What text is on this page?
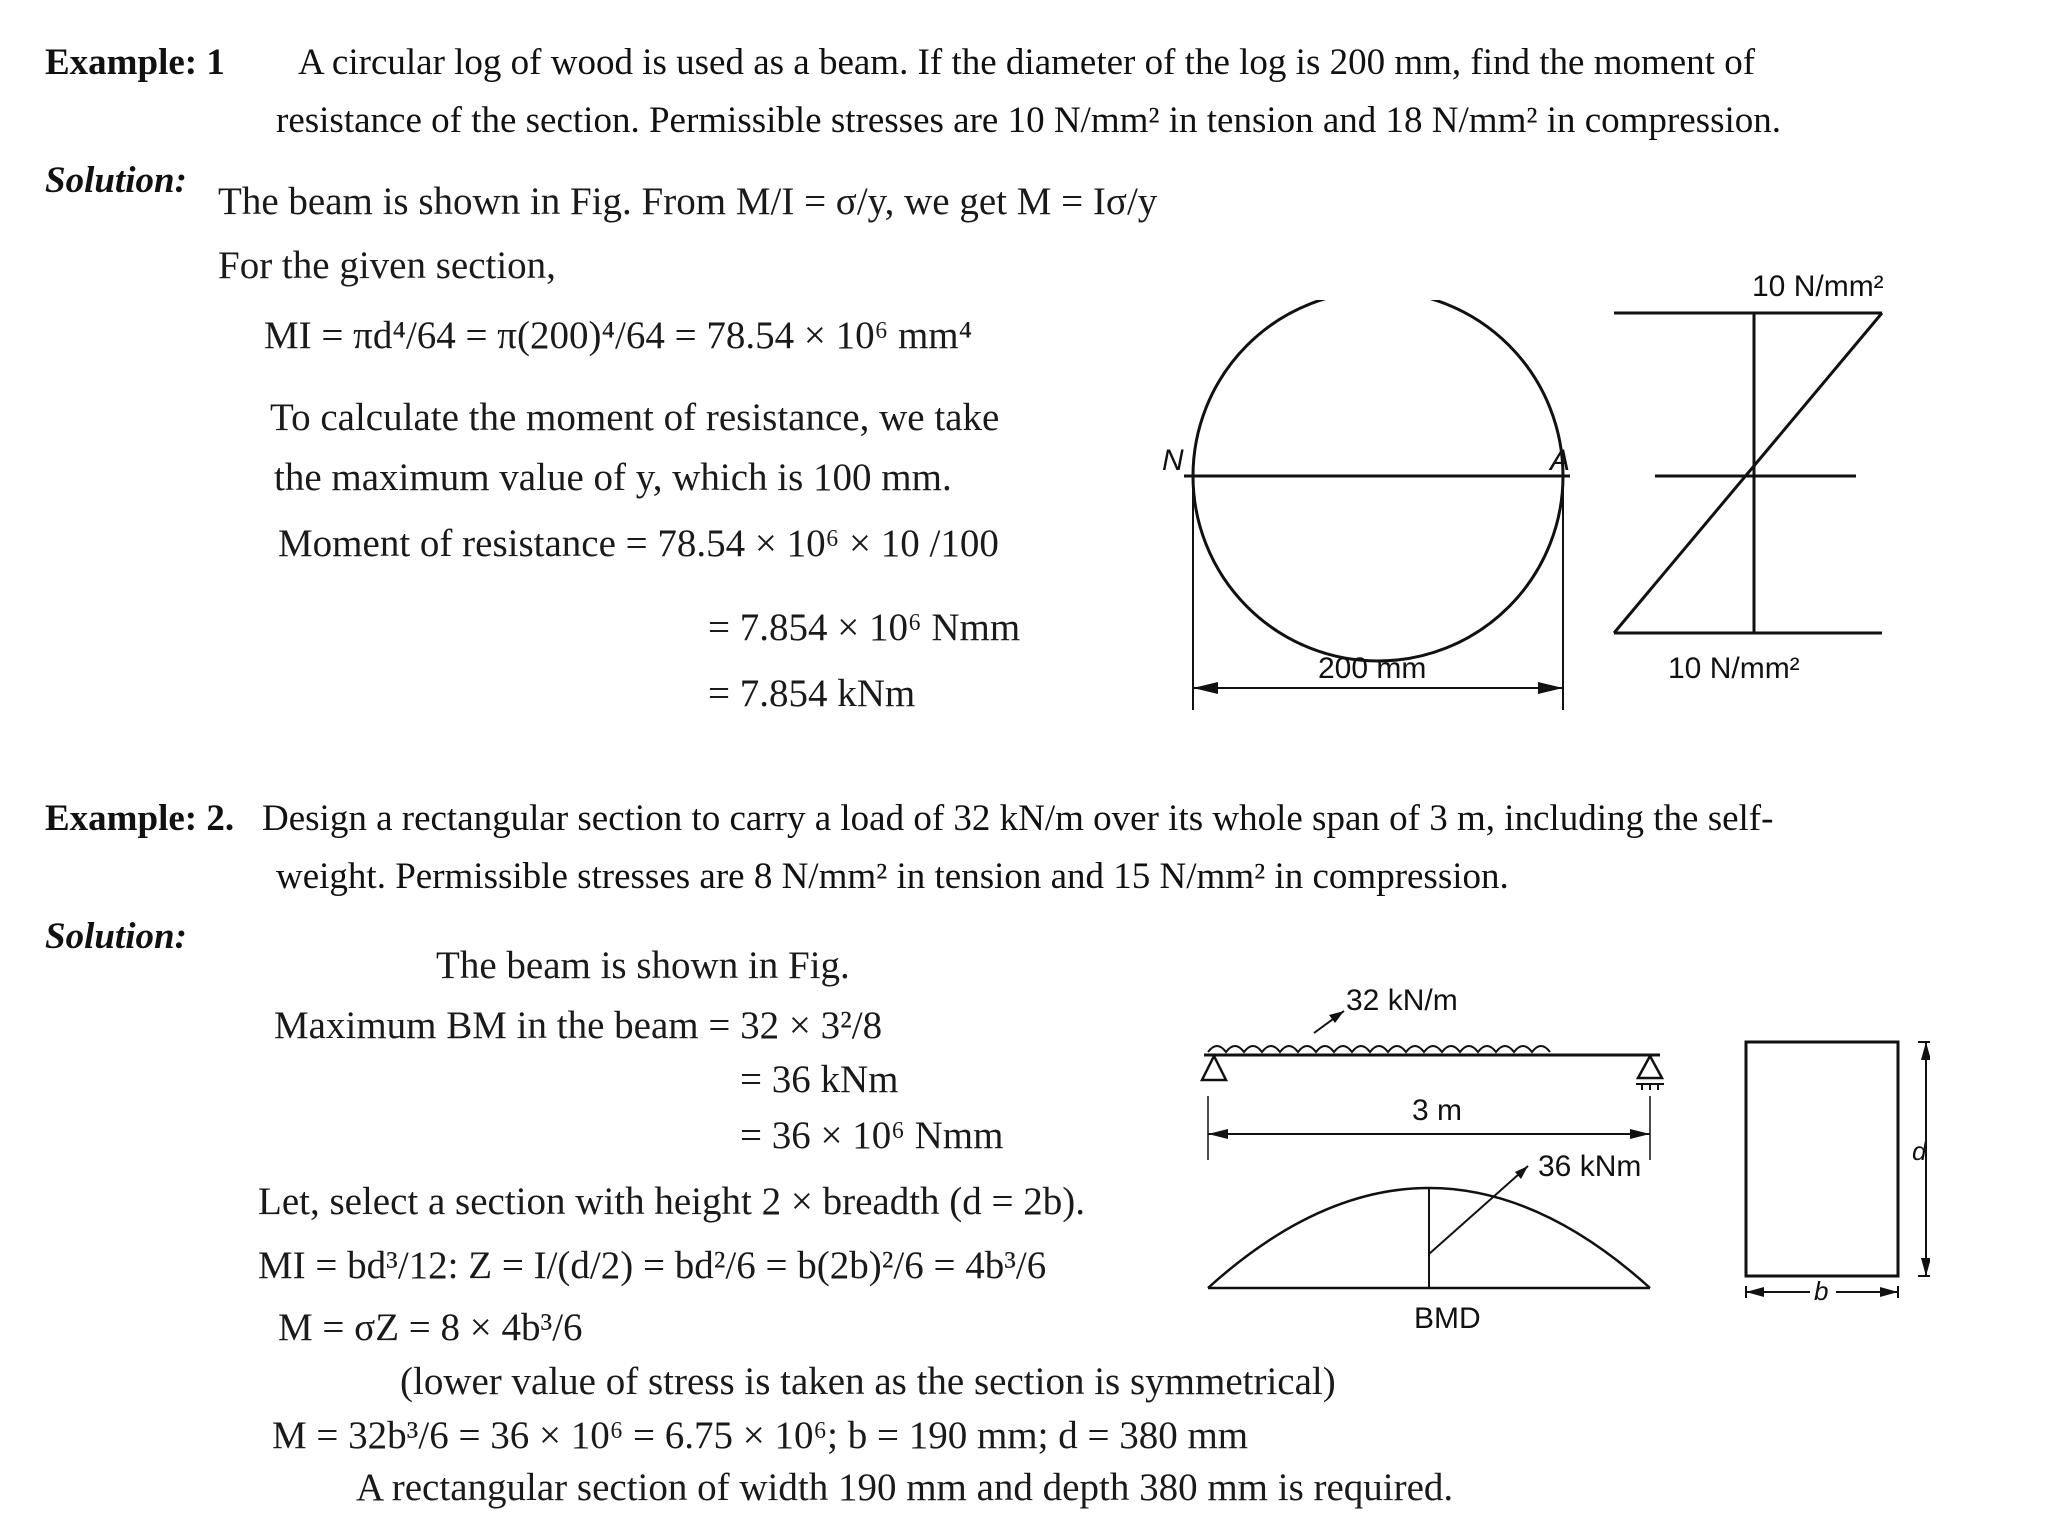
Example: 1 A circular log of wood is used as a beam. If the diameter of the log is 200 mm, find the moment of
resistance of the section. Permissible stresses are 10 N/mm² in tension and 18 N/mm² in compression.
Solution: The beam is shown in Fig. From M/I = σ/y, we get M = Iσ/y
For the given section,
MI = πd⁴/64 = π(200)⁴/64 = 78.54 × 10⁶ mm⁴
To calculate the moment of resistance, we take
the maximum value of y, which is 100 mm.
Moment of resistance = 78.54 × 10⁶ × 10 /100
= 7.854 × 10⁶ Nmm
= 7.854 kNm
N	A
200 mm
10 N/mm²
10 N/mm²
Example: 2. Design a rectangular section to carry a load of 32 kN/m over its whole span of 3 m, including the self-
weight. Permissible stresses are 8 N/mm² in tension and 15 N/mm² in compression.
Solution:
The beam is shown in Fig.
Maximum BM in the beam = 32 × 3²/8
= 36 kNm
= 36 × 10⁶ Nmm
Let, select a section with height 2 × breadth (d = 2b).
MI = bd³/12: Z = I/(d/2) = bd²/6 = b(2b)²/6 = 4b³/6
M = σZ = 8 × 4b³/6
(lower value of stress is taken as the section is symmetrical)
M = 32b³/6 = 36 × 10⁶ = 6.75 × 10⁶; b = 190 mm; d = 380 mm
A rectangular section of width 190 mm and depth 380 mm is required.
32 kN/m
3 m
36 kNm
BMD
d
b
